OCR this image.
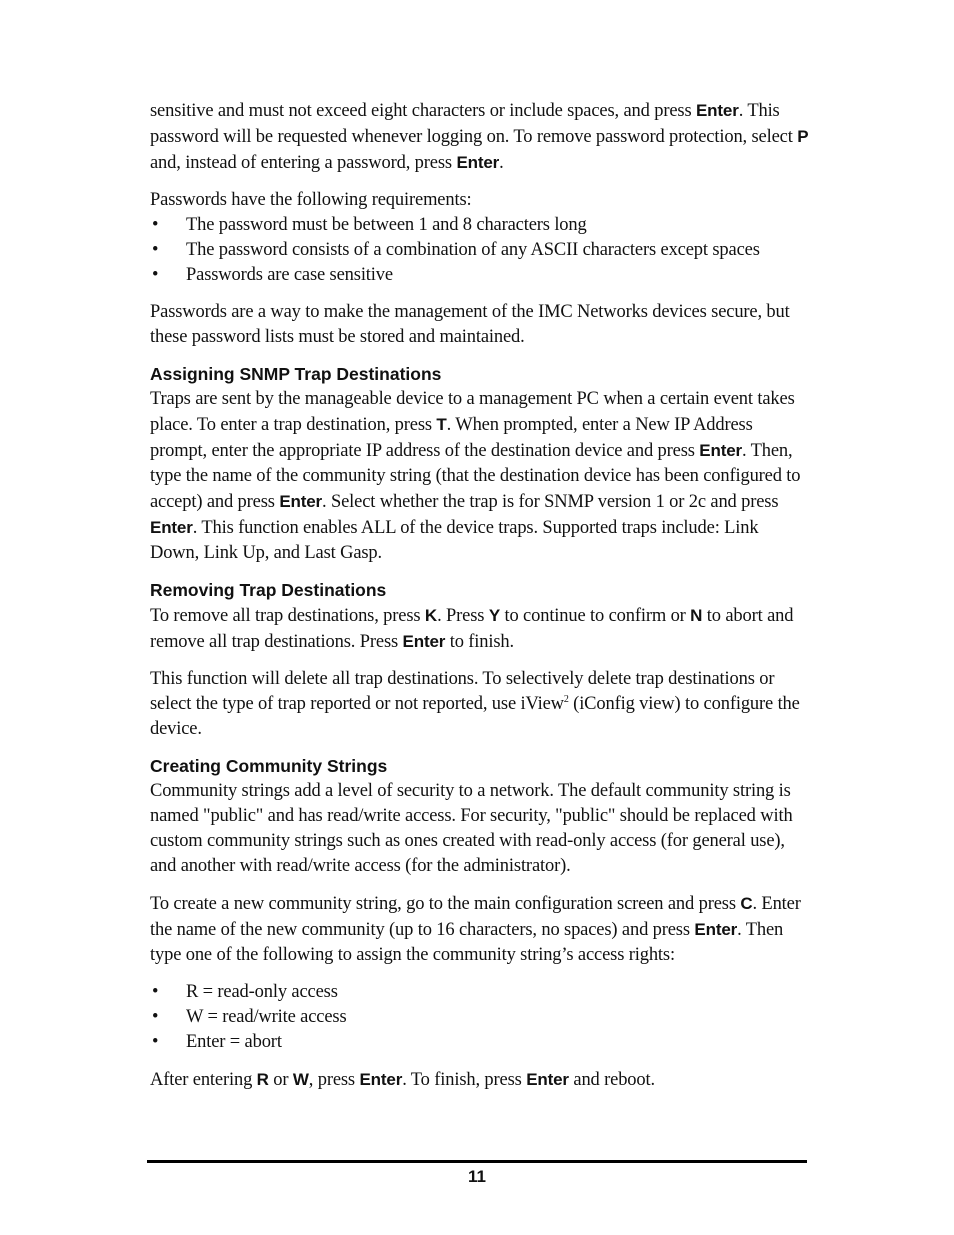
sensitive and must not exceed eight characters or include spaces, and press Enter. This password will be requested whenever logging on. To remove password protection, select P and, instead of entering a password, press Enter.

Passwords have the following requirements:

• The password must be between 1 and 8 characters long
• The password consists of a combination of any ASCII characters except spaces
• Passwords are case sensitive

Passwords are a way to make the management of the IMC Networks devices secure, but these password lists must be stored and maintained.

Assigning SNMP Trap Destinations

Traps are sent by the manageable device to a management PC when a certain event takes place. To enter a trap destination, press T. When prompted, enter a New IP Address prompt, enter the appropriate IP address of the destination device and press Enter. Then, type the name of the community string (that the destination device has been configured to accept) and press Enter. Select whether the trap is for SNMP version 1 or 2c and press Enter. This function enables ALL of the device traps. Supported traps include: Link Down, Link Up, and Last Gasp.

Removing Trap Destinations

To remove all trap destinations, press K. Press Y to continue to confirm or N to abort and remove all trap destinations. Press Enter to finish.

This function will delete all trap destinations. To selectively delete trap destinations or select the type of trap reported or not reported, use iView$^2$ (iConfig view) to configure the device.

Creating Community Strings

Community strings add a level of security to a network. The default community string is named "public" and has read/write access. For security, "public" should be replaced with custom community strings such as ones created with read-only access (for general use), and another with read/write access (for the administrator).

To create a new community string, go to the main configuration screen and press C. Enter the name of the new community (up to 16 characters, no spaces) and press Enter. Then type one of the following to assign the community string’s access rights:

• R = read-only access
• W = read/write access
• Enter = abort

After entering R or W, press Enter. To finish, press Enter and reboot.

11
